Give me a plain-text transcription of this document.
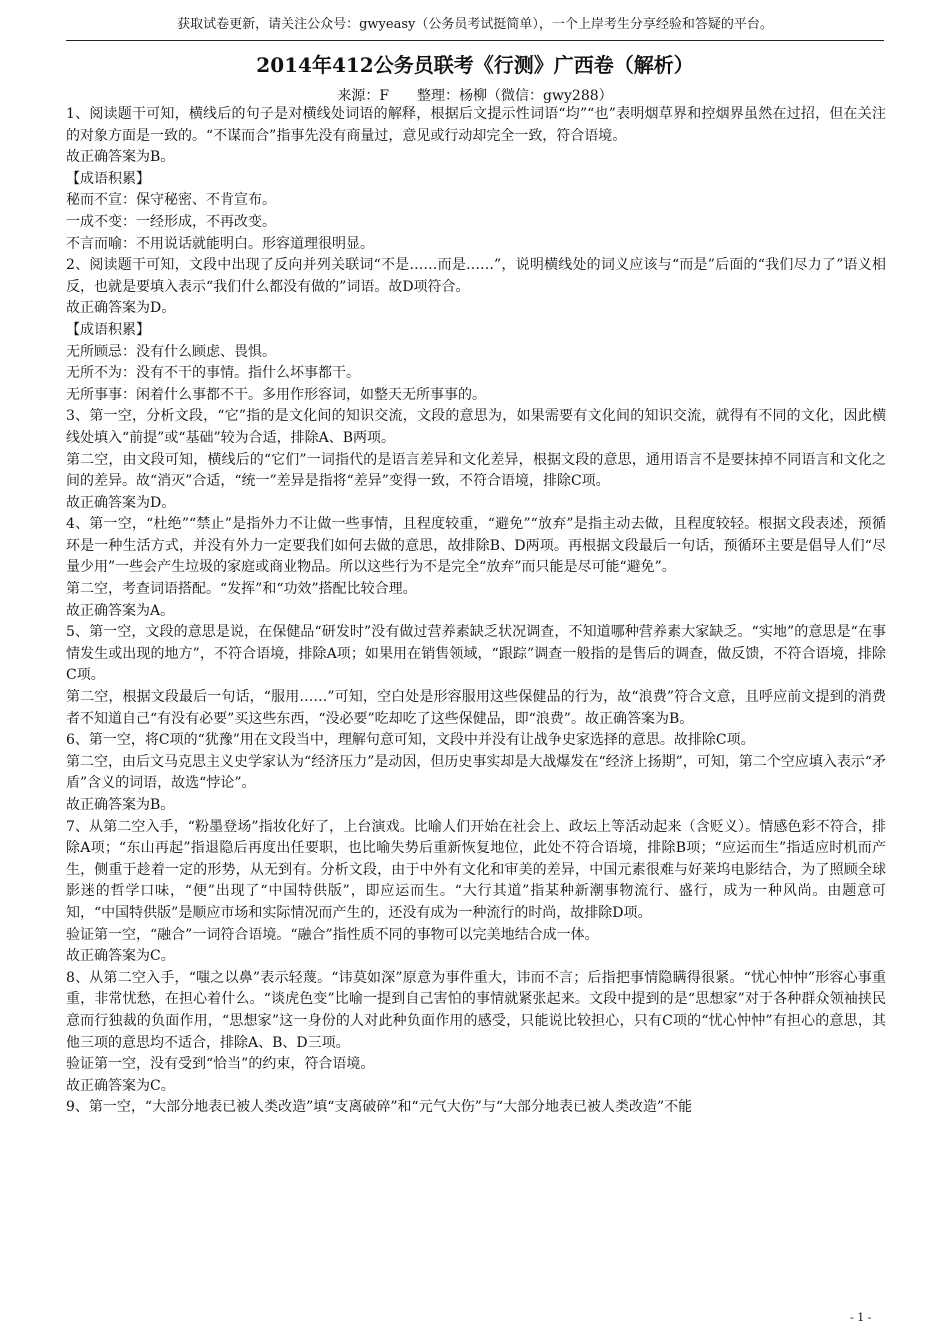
获取试卷更新，请关注公众号：gwyeasy（公务员考试挺简单），一个上岸考生分享经验和答疑的平台。
2014年412公务员联考《行测》广西卷（解析）
来源：F　　整理：杨柳（微信：gwy288）

1、阅读题干可知，横线后的句子是对横线处词语的解释，根据后文提示性词语“均”“也”表明烟草界和控烟界虽然在过招，但在关注的对象方面是一致的。“不谋而合”指事先没有商量过，意见或行动却完全一致，符合语境。

故正确答案为B。

【成语积累】

秘而不宣：保守秘密、不肯宣布。

一成不变：一经形成，不再改变。

不言而喻：不用说话就能明白。形容道理很明显。

2、阅读题干可知，文段中出现了反向并列关联词“不是……而是……”，说明横线处的词义应该与“而是”后面的“我们尽力了”语义相反，也就是要填入表示“我们什么都没有做的”词语。故D项符合。

故正确答案为D。

【成语积累】

无所顾忌：没有什么顾虑、畏惧。

无所不为：没有不干的事情。指什么坏事都干。

无所事事：闲着什么事都不干。多用作形容词，如整天无所事事的。

3、第一空，分析文段，“它”指的是文化间的知识交流，文段的意思为，如果需要有文化间的知识交流，就得有不同的文化，因此横线处填入“前提”或“基础”较为合适，排除A、B两项。

第二空，由文段可知，横线后的“它们”一词指代的是语言差异和文化差异，根据文段的意思，通用语言不是要抹掉不同语言和文化之间的差异。故“消灭”合适，“统一”差异是指将“差异”变得一致，不符合语境，排除C项。

故正确答案为D。

4、第一空，“杜绝”“禁止”是指外力不让做一些事情，且程度较重，“避免”“放弃”是指主动去做，且程度较轻。根据文段表述，预循环是一种生活方式，并没有外力一定要我们如何去做的意思，故排除B、D两项。再根据文段最后一句话，预循环主要是倡导人们“尽量少用”一些会产生垃圾的家庭或商业物品。所以这些行为不是完全“放弃”而只能是尽可能“避免”。

第二空，考查词语搭配。“发挥”和“功效”搭配比较合理。

故正确答案为A。

5、第一空，文段的意思是说，在保健品“研发时”没有做过营养素缺乏状况调查，不知道哪种营养素大家缺乏。“实地”的意思是“在事情发生或出现的地方”，不符合语境，排除A项；如果用在销售领域，“跟踪”调查一般指的是售后的调查，做反馈，不符合语境，排除C项。

第二空，根据文段最后一句话，“服用……”可知，空白处是形容服用这些保健品的行为，故“浪费”符合文意，且呼应前文提到的消费者不知道自己“有没有必要”买这些东西，“没必要”吃却吃了这些保健品，即“浪费”。故正确答案为B。

6、第一空，将C项的“犹豫”用在文段当中，理解句意可知，文段中并没有让战争史家选择的意思。故排除C项。

第二空，由后文马克思主义史学家认为“经济压力”是动因，但历史事实却是大战爆发在“经济上扬期”，可知，第二个空应填入表示“矛盾”含义的词语，故选“悖论”。

故正确答案为B。

7、从第二空入手，“粉墨登场”指妆化好了，上台演戏。比喻人们开始在社会上、政坛上等活动起来（含贬义）。情感色彩不符合，排除A项；“东山再起”指退隐后再度出任要职，也比喻失势后重新恢复地位，此处不符合语境，排除B项；“应运而生”指适应时机而产生，侧重于趁着一定的形势，从无到有。分析文段，由于中外有文化和审美的差异，中国元素很难与好莱坞电影结合，为了照顾全球影迷的哲学口味，“便”出现了“中国特供版”，即应运而生。“大行其道”指某种新潮事物流行、盛行，成为一种风尚。由题意可知，“中国特供版”是顺应市场和实际情况而产生的，还没有成为一种流行的时尚，故排除D项。

验证第一空，“融合”一词符合语境。“融合”指性质不同的事物可以完美地结合成一体。

故正确答案为C。

8、从第二空入手，“嗤之以鼻”表示轻蔑。“讳莫如深”原意为事件重大，讳而不言；后指把事情隐瞒得很紧。“忧心忡忡”形容心事重重，非常忧愁，在担心着什么。“谈虎色变”比喻一提到自己害怕的事情就紧张起来。文段中提到的是“思想家”对于各种群众领袖挟民意而行独裁的负面作用，“思想家”这一身份的人对此种负面作用的感受，只能说比较担心，只有C项的“忧心忡忡”有担心的意思，其他三项的意思均不适合，排除A、B、D三项。

验证第一空，没有受到“恰当”的约束，符合语境。

故正确答案为C。

9、第一空，“大部分地表已被人类改造”填“支离破碎”和“元气大伤”与“大部分地表已被人类改造”不能

- 1 -
